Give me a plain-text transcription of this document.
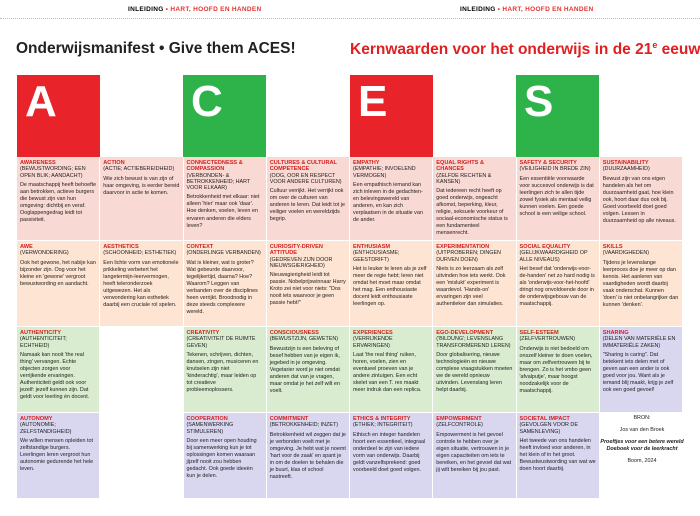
INLEIDING • HART, HOOFD EN HANDEN	INLEIDING • HART, HOOFD EN HANDEN
Onderwijsmanifest • Give them ACES!	Kernwaarden voor het onderwijs in de 21e eeuw
A	C	E	S
AWARENESS
(BEWUSTWORDING; EEN OPEN BLIK; AANDACHT)
De maatschappij heeft behoefte aan betrokken, actieve burgers die bewust zijn van hun omgeving: dichtbij en veraf. Ooglappengedrag leidt tot passiviteit.
AWE
(VERWONDERING)
Ook het gewone, het nabije kan bijzonder zijn. Oog voor het kleine en 'gewone' vergroot bewustwording en aandacht.
AUTHENTICITY
(AUTHENTICITEIT; ECHTHEID)
Namaak kan nooit 'the real thing' vervangen. Echte objecten zorgen voor verrijkende ervaringen. Authenticiteit geldt ook voor jezelf: jezelf kunnen zijn. Dat geldt voor leerling én docent.
AUTONOMY
(AUTONOMIE; ZELFSTANDIGHEID)
We willen mensen opleiden tot zelfstandige burgers. Leerlingen leren vergroot hun autonomie gedurende het hele leven.
ACTION
(ACTIE; ACTIEBEREIDHEID)
Wie zich bewust is van zijn of haar omgeving, is eerder bereid daarvoor in actie te komen.
AESTHETICS
(SCHOONHEID; ESTHETIEK)
Een lichte vorm van emotionele prikkeling verbetert het langetermijn-leervermogen, heeft teleronderzoek uitgewezen. Het als verwondering kan esthetiek daarbij een cruciale rol spelen.
CONNECTEDNESS & COMPASSION
(VERBONDEN- & BETROKKENHEID; HART VOOR ELKAAR)
Betrokkenheid met elkaar: niet alleen 'hier' maar ook 'daar'. Hoe denken, voelen, leven en ervaren anderen die elders leven?
CONTEXT
(ONDERLINGE VERBANDEN)
Wat is kleiner, wat is groter? Wat gebeurde daarvoor, tegelijkertijd, daarna? Hoe? Waarom? Leggen van verbanden over de disciplines heen verrijkt. Broodnodig in deze steeds complexere wereld.
CREATIVITY
(CREATIVITEIT DE RUIMTE GEVEN)
Tekenen, schrijven, dichten, dansen, zingen, musiceren en knutselen zijn niet 'kinderachtig', maar leiden op tot creatieve probleemoplossers.
COOPERATION
(SAMENWERKING STIMULEREN)
Door een meer open houding bij samenwerking kun je tot oplossingen komen waaraan jijzelf nooit zou hebben gedacht. Ook goede ideeën kun je delen.
CULTURES & CULTURAL COMPETENCE
(OOG, OOR EN RESPECT VOOR ANDERE CULTUREN)
Cultuur verrijkt. Het verrijkt ook om over de culturen van anderen te leren. Dat leidt tot je veiliger voelen en wereldzijds begrip.
CURIOSITY-DRIVEN ATTITUDE
(GEDREVEN ZIJN DOOR NIEUWSGIERIGHEID)
Nieuwsgierigheid leidt tot passie. Nobelprijswinnaar Harry Kroto zei niet voor niets: "Dos nooit iets waarvoor je geen passie hebt!"
CONSCIOUSNESS
(BEWUSTZIJN, GEWETEN)
Bewustzijn is een beleving of besef hebben van je eigen ik, jegebed in je omgeving. Vegetarier word je niet omdat anderen dat van je vragen, maar omdat je het zelf wilt en voelt.
COMMITMENT
(BETROKKENHEID; INZET)
Betrokkenheid wil zeggen dat je je verbonden voelt met je omgeving. Je hebt wat je noemt 'hart voor de zaak' en spant je in om de doelen te behalen die je buurt, klas of school nastreeft.
EMPATHY
(EMPATHIE; INVOELEND VERMOGEN)
Een empathisch iemand kan zich inleven in de gedachten- en belevingswereld van anderen, en kan zich verplaatsen in de situatie van de ander.
ENTHUSIASM
(ENTHOUSIASME; GEESTDRIFT)
Het is leuker te leren als je zelf meer de regie hebt; leren niet omdat het moet maar omdat het mag. Een enthousiaste docent leidt enthousiaste leerlingen op.
EXPERIENCES
(VERRIJKENDE ERVARINGEN)
Laat 'the real thing' ruiken, horen, voelen, zien en eventueel proeven van je andere zintuigen. Een echt skelet van een T. rex maakt meer indruk dan een replica.
ETHICS & INTEGRITY
(ETHIEK; INTEGRITEIT)
Ethisch en integer handelen hoort een essentieel, integraal onderdeel te zijn van iedere vorm van onderwijs. Daarbij geldt vanzelfsprekend: goed voorbeeld doet goed volgen.
EQUAL RIGHTS & CHANCES
(ZELFDE RECHTEN & KANSEN)
Dat iedereen recht heeft op goed onderwijs, ongeacht afkomst, beperking, kleur, religie, seksuele voorkeur of sociaal-economische status is een fundamenteel mensenrecht.
EXPERIMENTATION
(UITPROBEREN; DINGEN DURVEN DOEN)
Niets is zo leerzaam als zelf uitvinden hoe iets werkt. Ook een 'mislukt' experiment is waardevol. 'Hands-on' ervaringen zijn veel authentieker dan simulaties.
EGO-DEVELOPMENT
('BILDUNG'; LEVENSLANG TRANSFORMEREND LEREN)
Door globalisering, nieuwe technologieën en nieuwe complexe vraagstukken moeten we de wereld opnieuw uitvinden. Levenslang leren helpt daarbij.
EMPOWERMENT
(ZELFCONTROLE)
Empowerment is het gevoel controle te hebben over je eigen situatie, vertrouwen in je eigen capaciteiten om iets te bereiken, en het gevoel dat wat jij wilt bereiken bij jou past.
SAFETY & SECURITY
(VEILIGHEID IN BREDE ZIN)
Een essentiële voorwaarde voor succesvol onderwijs is dat leerlingen zich te allen tijde zowel fysiek als mentaal veilig kunnen voelen. Een goede school is een veilige school.
SOCIAL EQUALITY
(GELIJKWAARDIGHEID OP ALLE NIVEAUS)
Het besef dat 'onderwijs-voor-de-handen' net zo hard nodig is als 'onderwijs-voor-het-hoofd' dringt nog onvoldoende door in de onderwijsgebouw van de maatschappij.
SELF-ESTEEM
(ZELFVERTROUWEN)
Onderwijs is niet bedoeld om onszelf kleiner te doen voelen, maar om zelfvertrouwen bij te brengen. Zo is het vmbo geen 'afvalputje', maar hoogst noodzakelijk voor de maatschappij.
SOCIETAL IMPACT
(GEVOLGEN VOOR DE SAMENLEVING)
Het tweede van ons handelen heeft invloed voor anderen, in het klein of in het groot. Bewustwustwording van wat we doen hoort daarbij.
SUSTAINABILITY
(DUURZAAMHEID)
Bewust zijn van ons eigen handelen als het om duurzaamheid gaat, hoe klein ook, hoort daar dus ook bij. Goed voorbeeld doet goed volgen. Lessen in duurzaamheid op alle niveaus.
SKILLS
(VAARDIGHEDEN)
Tijdens je levenslange leerproces doe je meer op dan kennis. Het aanleren van vaardigheden wordt daarbij vaak onderschat. Kunnen 'doen' is niet onbelangrijker dan kunnen 'denken'.
SHARING
(DELEN VAN MATERIËLE EN IMMATERIËLE ZAKEN)
"Sharing is caring". Dat betekent iets delen met of geven aan een ander is ook goed voor jou. Want als je iemand blij maakt, krijg je zelf ook een goed gevoel!
BRON:
Jos van den Broek
Proeftjes voor een betere wereld
Doeboek voor de leerkracht
Boom, 2024
